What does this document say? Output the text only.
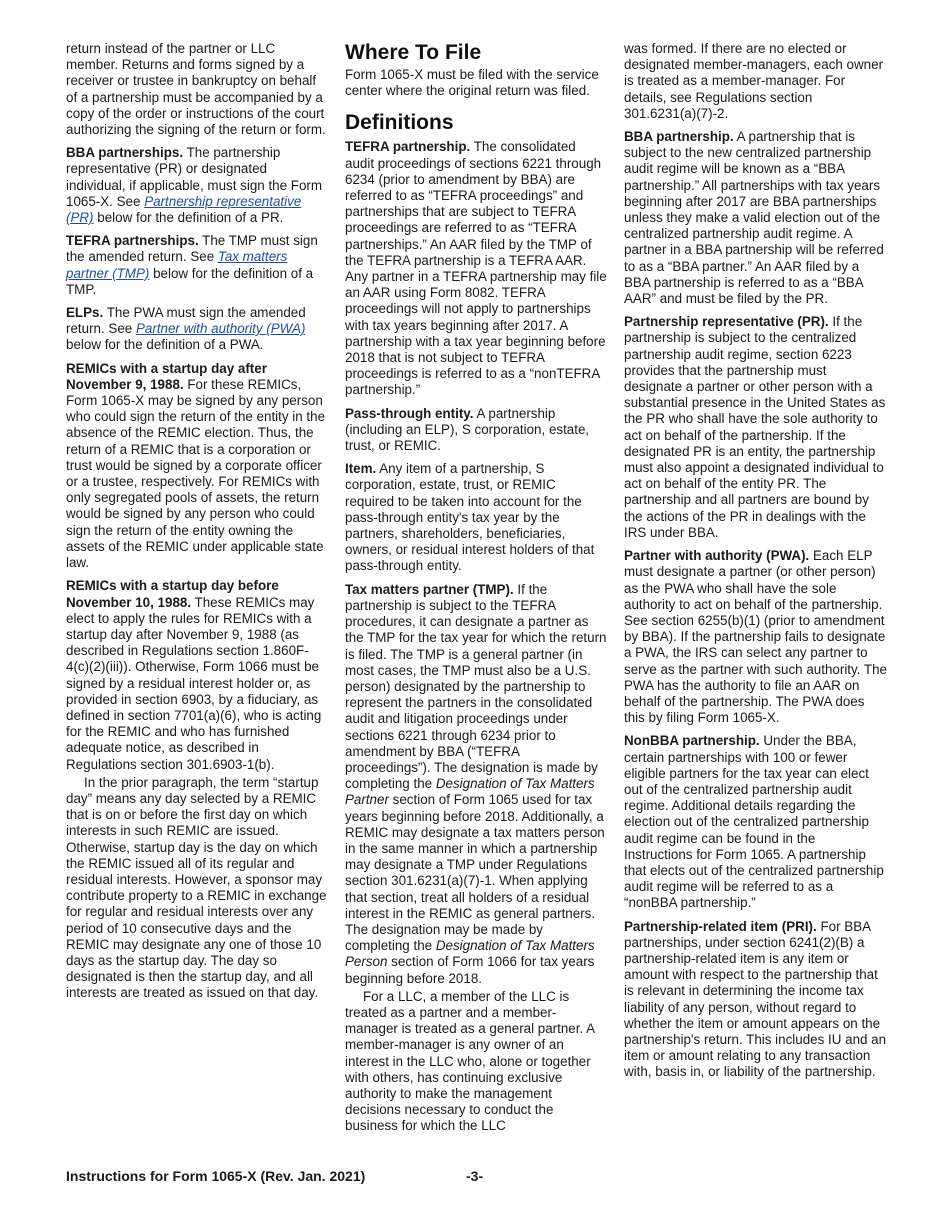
return instead of the partner or LLC member. Returns and forms signed by a receiver or trustee in bankruptcy on behalf of a partnership must be accompanied by a copy of the order or instructions of the court authorizing the signing of the return or form.

BBA partnerships. The partnership representative (PR) or designated individual, if applicable, must sign the Form 1065-X. See Partnership representative (PR) below for the definition of a PR.

TEFRA partnerships. The TMP must sign the amended return. See Tax matters partner (TMP) below for the definition of a TMP.

ELPs. The PWA must sign the amended return. See Partner with authority (PWA) below for the definition of a PWA.

REMICs with a startup day after November 9, 1988. For these REMICs, Form 1065-X may be signed by any person who could sign the return of the entity in the absence of the REMIC election. Thus, the return of a REMIC that is a corporation or trust would be signed by a corporate officer or a trustee, respectively. For REMICs with only segregated pools of assets, the return would be signed by any person who could sign the return of the entity owning the assets of the REMIC under applicable state law.

REMICs with a startup day before November 10, 1988. These REMICs may elect to apply the rules for REMICs with a startup day after November 9, 1988 (as described in Regulations section 1.860F-4(c)(2)(iii)). Otherwise, Form 1066 must be signed by a residual interest holder or, as provided in section 6903, by a fiduciary, as defined in section 7701(a)(6), who is acting for the REMIC and who has furnished adequate notice, as described in Regulations section 301.6903-1(b).

In the prior paragraph, the term “startup day” means any day selected by a REMIC that is on or before the first day on which interests in such REMIC are issued. Otherwise, startup day is the day on which the REMIC issued all of its regular and residual interests. However, a sponsor may contribute property to a REMIC in exchange for regular and residual interests over any period of 10 consecutive days and the REMIC may designate any one of those 10 days as the startup day. The day so designated is then the startup day, and all interests are treated as issued on that day.

Where To File

Form 1065-X must be filed with the service center where the original return was filed.

Definitions

TEFRA partnership. The consolidated audit proceedings of sections 6221 through 6234 (prior to amendment by BBA) are referred to as “TEFRA proceedings” and partnerships that are subject to TEFRA proceedings are referred to as “TEFRA partnerships.” An AAR filed by the TMP of the TEFRA partnership is a TEFRA AAR. Any partner in a TEFRA partnership may file an AAR using Form 8082. TEFRA proceedings will not apply to partnerships with tax years beginning after 2017. A partnership with a tax year beginning before 2018 that is not subject to TEFRA proceedings is referred to as a “nonTEFRA partnership.”

Pass-through entity. A partnership (including an ELP), S corporation, estate, trust, or REMIC.

Item. Any item of a partnership, S corporation, estate, trust, or REMIC required to be taken into account for the pass-through entity's tax year by the partners, shareholders, beneficiaries, owners, or residual interest holders of that pass-through entity.

Tax matters partner (TMP). If the partnership is subject to the TEFRA procedures, it can designate a partner as the TMP for the tax year for which the return is filed. The TMP is a general partner (in most cases, the TMP must also be a U.S. person) designated by the partnership to represent the partners in the consolidated audit and litigation proceedings under sections 6221 through 6234 prior to amendment by BBA (“TEFRA proceedings”). The designation is made by completing the Designation of Tax Matters Partner section of Form 1065 used for tax years beginning before 2018. Additionally, a REMIC may designate a tax matters person in the same manner in which a partnership may designate a TMP under Regulations section 301.6231(a)(7)-1. When applying that section, treat all holders of a residual interest in the REMIC as general partners. The designation may be made by completing the Designation of Tax Matters Person section of Form 1066 for tax years beginning before 2018.

For a LLC, a member of the LLC is treated as a partner and a member-manager is treated as a general partner. A member-manager is any owner of an interest in the LLC who, alone or together with others, has continuing exclusive authority to make the management decisions necessary to conduct the business for which the LLC

was formed. If there are no elected or designated member-managers, each owner is treated as a member-manager. For details, see Regulations section 301.6231(a)(7)-2.

BBA partnership. A partnership that is subject to the new centralized partnership audit regime will be known as a “BBA partnership.” All partnerships with tax years beginning after 2017 are BBA partnerships unless they make a valid election out of the centralized partnership audit regime. A partner in a BBA partnership will be referred to as a “BBA partner.” An AAR filed by a BBA partnership is referred to as a “BBA AAR” and must be filed by the PR.

Partnership representative (PR). If the partnership is subject to the centralized partnership audit regime, section 6223 provides that the partnership must designate a partner or other person with a substantial presence in the United States as the PR who shall have the sole authority to act on behalf of the partnership. If the designated PR is an entity, the partnership must also appoint a designated individual to act on behalf of the entity PR. The partnership and all partners are bound by the actions of the PR in dealings with the IRS under BBA.

Partner with authority (PWA). Each ELP must designate a partner (or other person) as the PWA who shall have the sole authority to act on behalf of the partnership. See section 6255(b)(1) (prior to amendment by BBA). If the partnership fails to designate a PWA, the IRS can select any partner to serve as the partner with such authority. The PWA has the authority to file an AAR on behalf of the partnership. The PWA does this by filing Form 1065-X.

NonBBA partnership. Under the BBA, certain partnerships with 100 or fewer eligible partners for the tax year can elect out of the centralized partnership audit regime. Additional details regarding the election out of the centralized partnership audit regime can be found in the Instructions for Form 1065. A partnership that elects out of the centralized partnership audit regime will be referred to as a “nonBBA partnership.”

Partnership-related item (PRI). For BBA partnerships, under section 6241(2)(B) a partnership-related item is any item or amount with respect to the partnership that is relevant in determining the income tax liability of any person, without regard to whether the item or amount appears on the partnership's return. This includes IU and an item or amount relating to any transaction with, basis in, or liability of the partnership.

Instructions for Form 1065-X (Rev. Jan. 2021)	-3-
